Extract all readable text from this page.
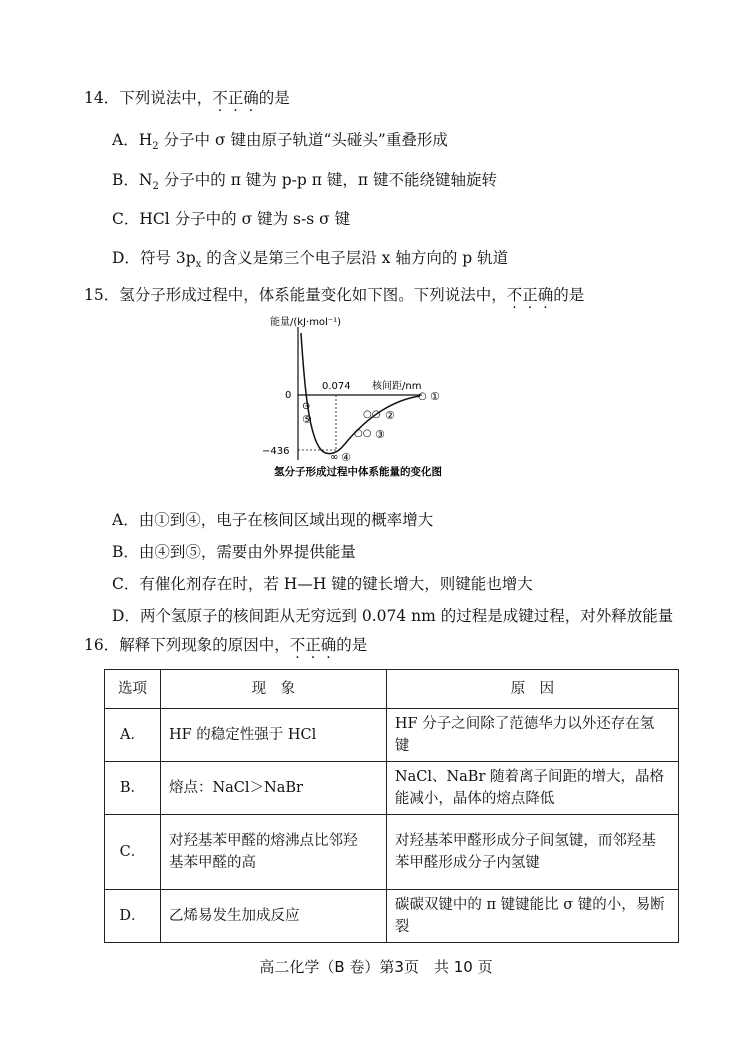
14．下列说法中，不正确的是
A．$H_2$ 分子中 σ 键由原子轨道“头碰头”重叠形成
B．$N_2$ 分子中的 π 键为 p-p π 键，π 键不能绕键轴旋转
C．HCl 分子中的 σ 键为 s-s σ 键
D．符号 $3p_x$ 的含义是第三个电子层沿 x 轴方向的 p 轨道
15．氢分子形成过程中，体系能量变化如下图。下列说法中，不正确的是
能量/(kJ·mol⁻¹)
0
0.074 核间距/nm
−436
○ ①
○○ ②
○○ ③
∞ ④
⊙
⑤
氢分子形成过程中体系能量的变化图
A．由①到④，电子在核间区域出现的概率增大
B．由④到⑤，需要由外界提供能量
C．有催化剂存在时，若 H—H 键的键长增大，则键能也增大
D．两个氢原子的核间距从无穷远到 0.074 nm 的过程是成键过程，对外释放能量
16．解释下列现象的原因中，不正确的是
选项	现　象	原　因
A．	HF 的稳定性强于 HCl	HF 分子之间除了范德华力以外还存在氢
键
B．	熔点：NaCl＞NaBr	NaCl、NaBr 随着离子间距的增大，晶格
能减小，晶体的熔点降低
C．	对羟基苯甲醛的熔沸点比邻羟
基苯甲醛的高	对羟基苯甲醛形成分子间氢键，而邻羟基
苯甲醛形成分子内氢键
D．	乙烯易发生加成反应	碳碳双键中的 π 键键能比 σ 键的小，易断
裂
高二化学（B 卷）第3页　共 10 页
